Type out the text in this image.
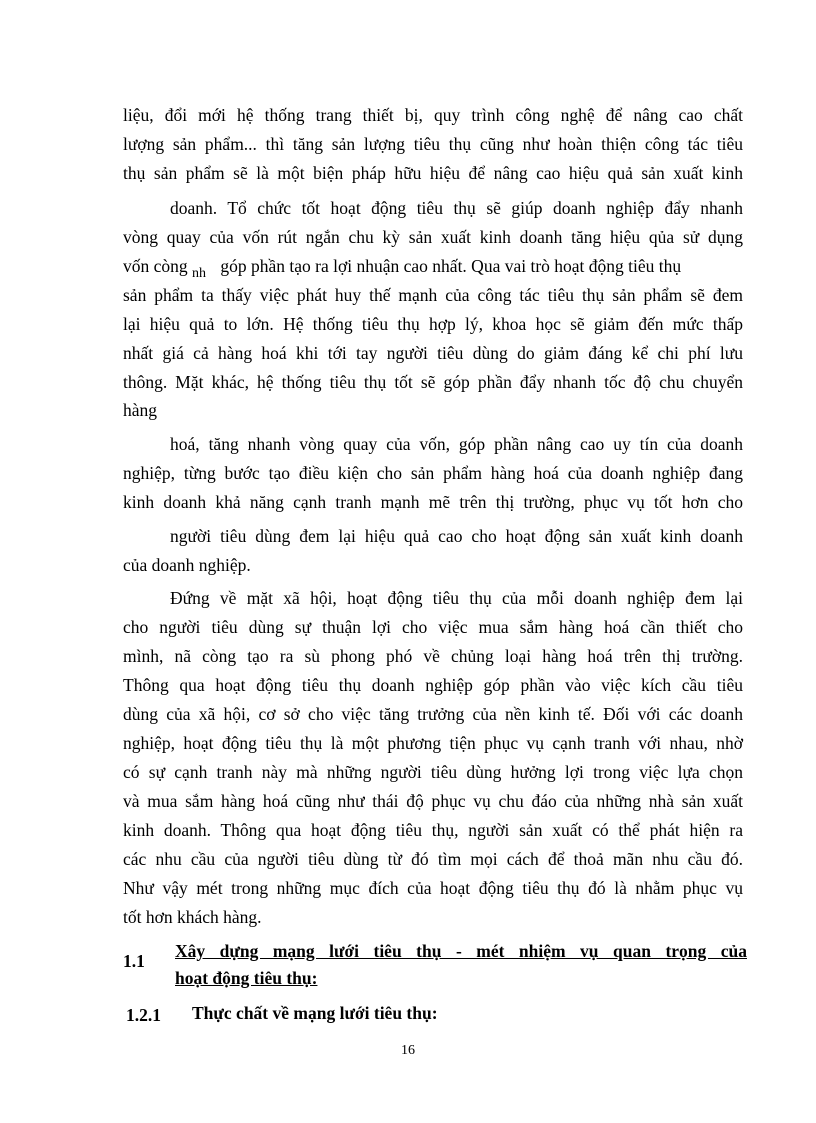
liệu, đổi mới hệ thống trang thiết bị, quy trình công nghệ để nâng cao chất
lượng sản phẩm... thì tăng sản lượng tiêu thụ cũng như hoàn thiện công tác tiêu
thụ sản phẩm sẽ là một biện pháp hữu hiệu để nâng cao hiệu quả sản xuất kinh
doanh. Tổ chức tốt hoạt động tiêu thụ sẽ giúp doanh nghiệp đẩy nhanh
vòng quay của vốn rút ngắn chu kỳ sản xuất kinh doanh tăng hiệu qủa sử dụng
vốn còng $_{nh}$ góp phần tạo ra lợi nhuận cao nhất. Qua vai trò hoạt động tiêu thụ
sản phẩm ta thấy việc phát huy thế mạnh của công tác tiêu thụ sản phẩm sẽ đem
lại hiệu quả to lớn. Hệ thống tiêu thụ hợp lý, khoa học sẽ giảm đến mức thấp
nhất giá cả hàng hoá khi tới tay người tiêu dùng do giảm đáng kể chi phí lưu
thông. Mặt khác, hệ thống tiêu thụ tốt sẽ góp phần đẩy nhanh tốc độ chu chuyển
hàng
hoá, tăng nhanh vòng quay của vốn, góp phần nâng cao uy tín của doanh
nghiệp, từng bước tạo điều kiện cho sản phẩm hàng hoá của doanh nghiệp đang
kinh doanh khả năng cạnh tranh mạnh mẽ trên thị trường, phục vụ tốt hơn cho
người tiêu dùng đem lại hiệu quả cao cho hoạt động sản xuất kinh doanh
của doanh nghiệp.
Đứng về mặt xã hội, hoạt động tiêu thụ của mỗi doanh nghiệp đem lại
cho người tiêu dùng sự thuận lợi cho việc mua sắm hàng hoá cần thiết cho
mình, nã còng tạo ra sù phong phó về chủng loại hàng hoá trên thị trường.
Thông qua hoạt động tiêu thụ doanh nghiệp góp phần vào việc kích cầu tiêu
dùng của xã hội, cơ sở cho việc tăng trưởng của nền kinh tế. Đối với các doanh
nghiệp, hoạt động tiêu thụ là một phương tiện phục vụ cạnh tranh với nhau, nhờ
có sự cạnh tranh này mà những người tiêu dùng hưởng lợi trong việc lựa chọn
và mua sắm hàng hoá cũng như thái độ phục vụ chu đáo của những nhà sản xuất
kinh doanh. Thông qua hoạt động tiêu thụ, người sản xuất có thể phát hiện ra
các nhu cầu của người tiêu dùng từ đó tìm mọi cách để thoả mãn nhu cầu đó.
Như vậy mét trong những mục đích của hoạt động tiêu thụ đó là nhằm phục vụ
tốt hơn khách hàng.
1.1 Xây dựng mạng lưới tiêu thụ - mét nhiệm vụ quan trọng của
hoạt động tiêu thụ:
1.2.1 Thực chất về mạng lưới tiêu thụ:
16
